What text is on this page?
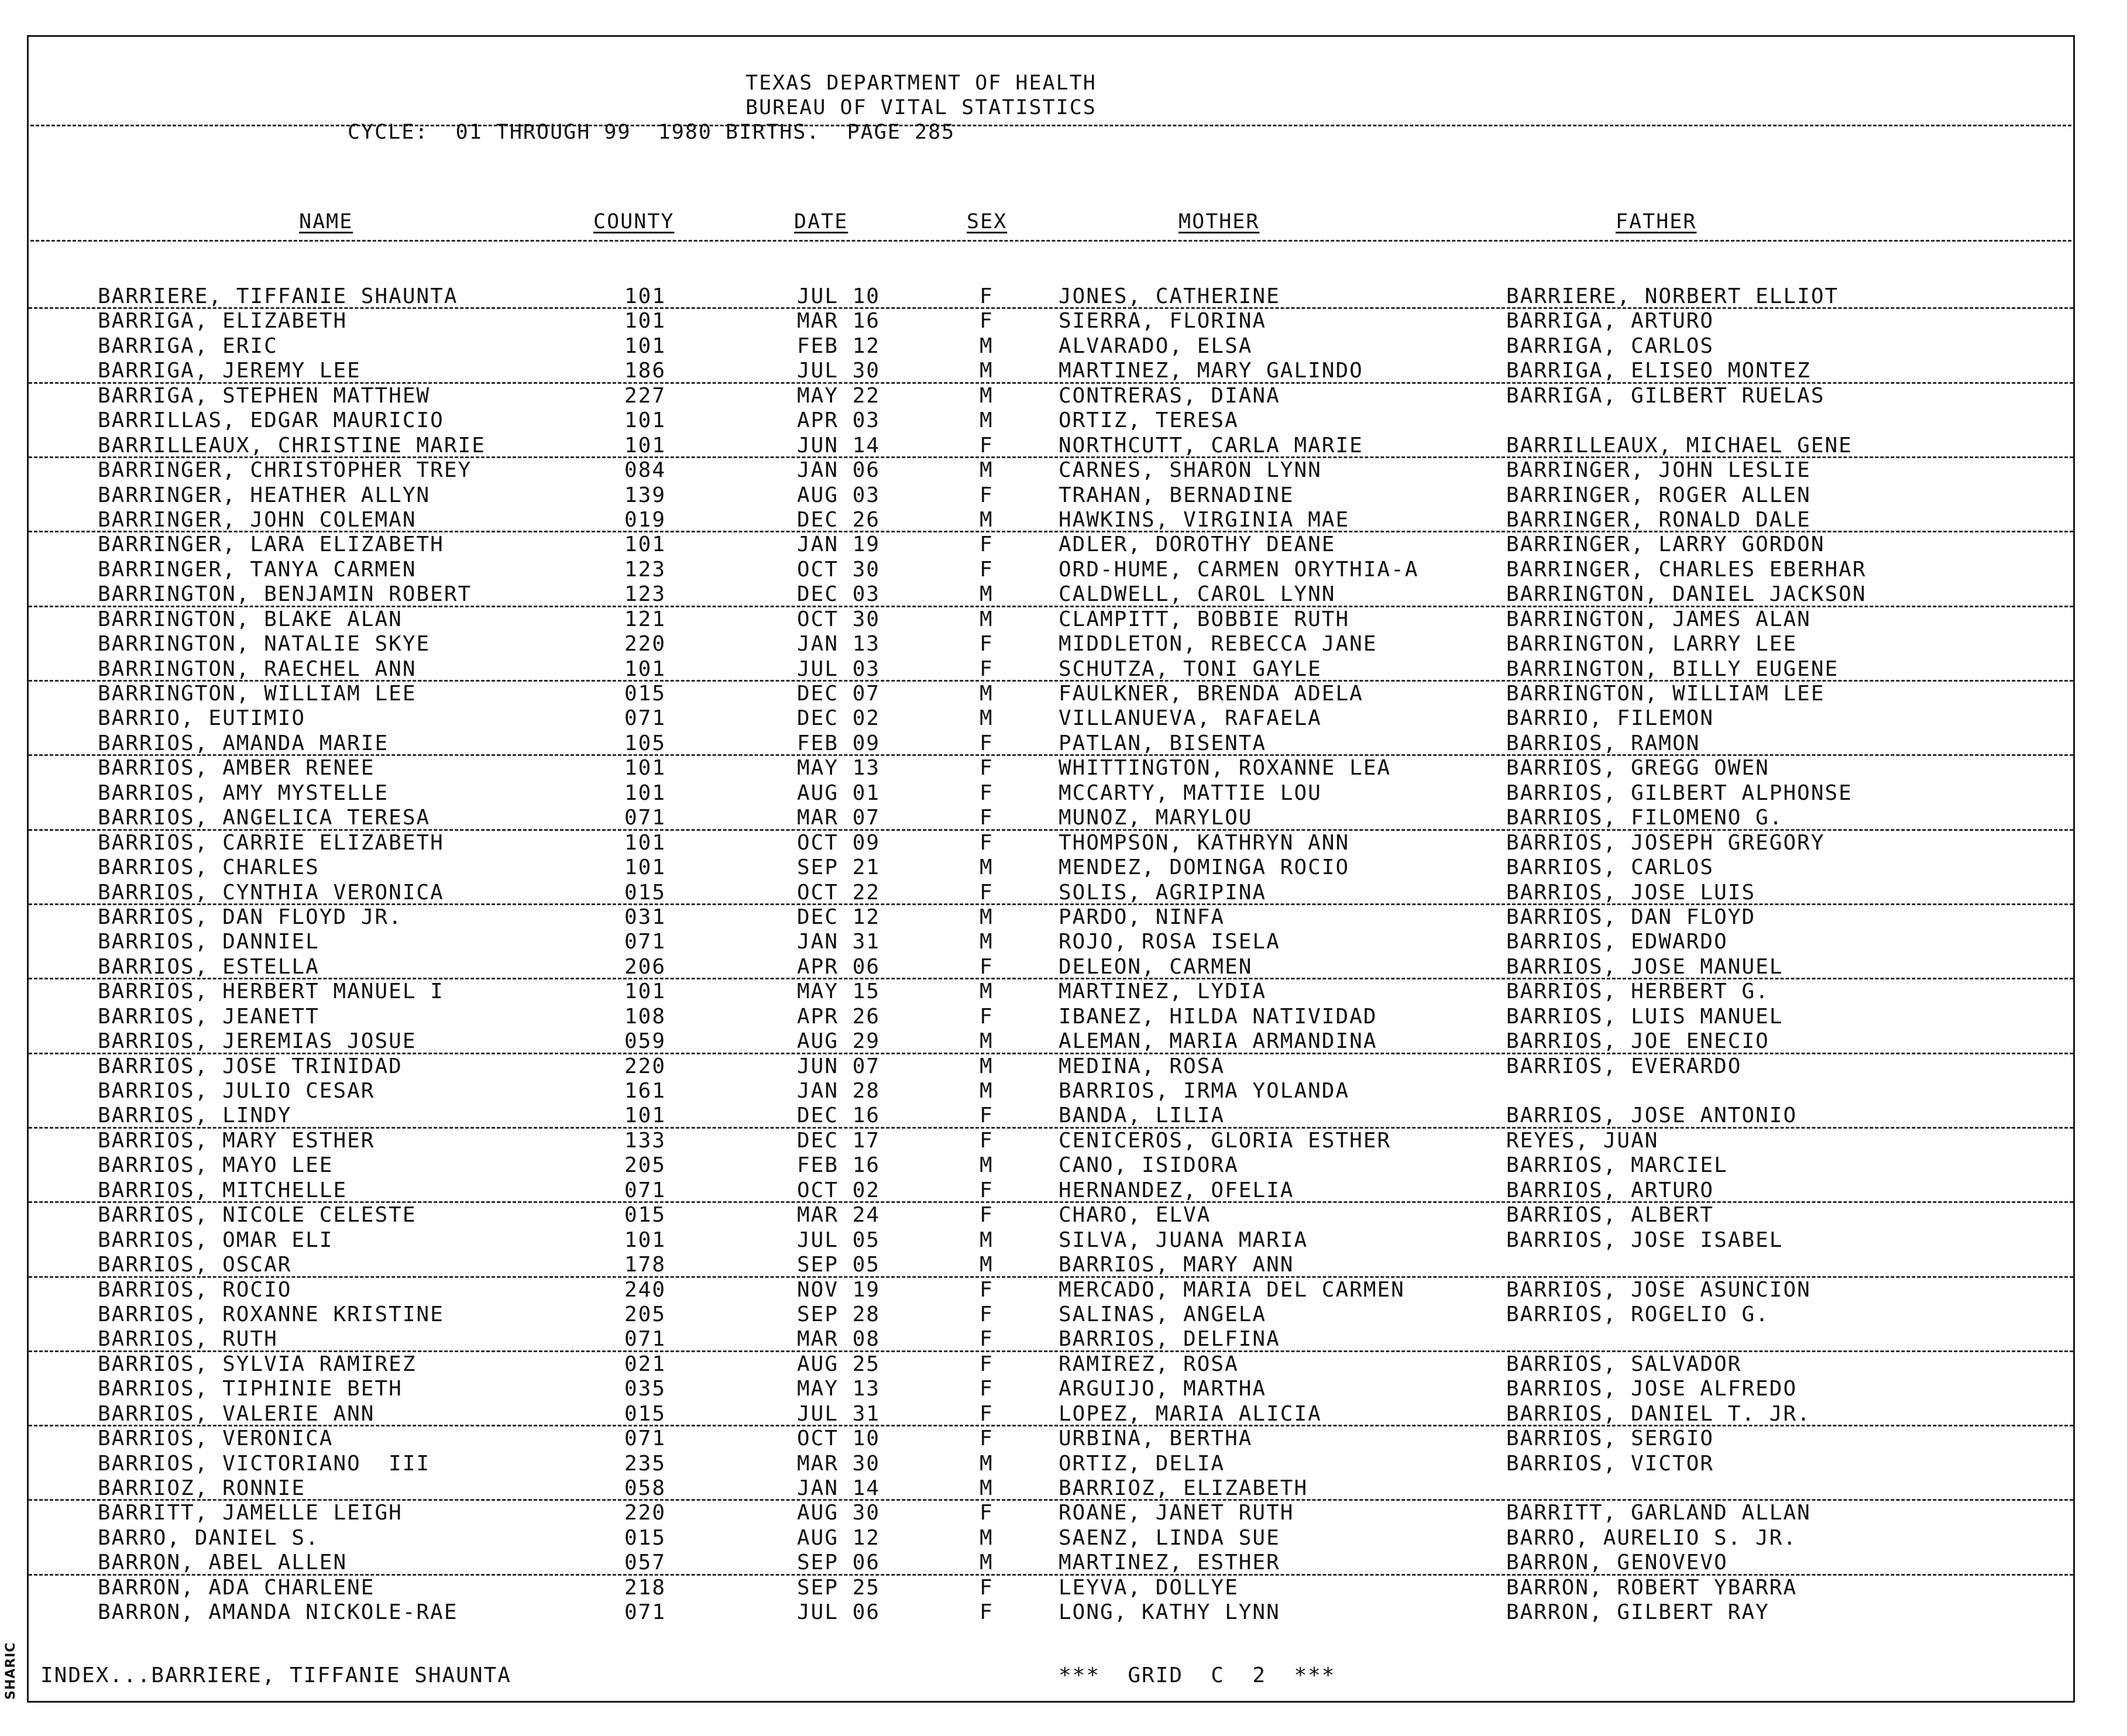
SHARIC
TEXAS DEPARTMENT OF HEALTH
BUREAU OF VITAL STATISTICS
CYCLE:  01 THROUGH 99  1980 BIRTHS.  PAGE 285
NAME	COUNTY	DATE	SEX	MOTHER	FATHER
BARRIERE, TIFFANIE SHAUNTA	101	JUL 10	F	JONES, CATHERINE	BARRIERE, NORBERT ELLIOT
BARRIGA, ELIZABETH	101	MAR 16	F	SIERRA, FLORINA	BARRIGA, ARTURO
BARRIGA, ERIC	101	FEB 12	M	ALVARADO, ELSA	BARRIGA, CARLOS
BARRIGA, JEREMY LEE	186	JUL 30	M	MARTINEZ, MARY GALINDO	BARRIGA, ELISEO MONTEZ
BARRIGA, STEPHEN MATTHEW	227	MAY 22	M	CONTRERAS, DIANA	BARRIGA, GILBERT RUELAS
BARRILLAS, EDGAR MAURICIO	101	APR 03	M	ORTIZ, TERESA
BARRILLEAUX, CHRISTINE MARIE	101	JUN 14	F	NORTHCUTT, CARLA MARIE	BARRILLEAUX, MICHAEL GENE
BARRINGER, CHRISTOPHER TREY	084	JAN 06	M	CARNES, SHARON LYNN	BARRINGER, JOHN LESLIE
BARRINGER, HEATHER ALLYN	139	AUG 03	F	TRAHAN, BERNADINE	BARRINGER, ROGER ALLEN
BARRINGER, JOHN COLEMAN	019	DEC 26	M	HAWKINS, VIRGINIA MAE	BARRINGER, RONALD DALE
BARRINGER, LARA ELIZABETH	101	JAN 19	F	ADLER, DOROTHY DEANE	BARRINGER, LARRY GORDON
BARRINGER, TANYA CARMEN	123	OCT 30	F	ORD-HUME, CARMEN ORYTHIA-A	BARRINGER, CHARLES EBERHAR
BARRINGTON, BENJAMIN ROBERT	123	DEC 03	M	CALDWELL, CAROL LYNN	BARRINGTON, DANIEL JACKSON
BARRINGTON, BLAKE ALAN	121	OCT 30	M	CLAMPITT, BOBBIE RUTH	BARRINGTON, JAMES ALAN
BARRINGTON, NATALIE SKYE	220	JAN 13	F	MIDDLETON, REBECCA JANE	BARRINGTON, LARRY LEE
BARRINGTON, RAECHEL ANN	101	JUL 03	F	SCHUTZA, TONI GAYLE	BARRINGTON, BILLY EUGENE
BARRINGTON, WILLIAM LEE	015	DEC 07	M	FAULKNER, BRENDA ADELA	BARRINGTON, WILLIAM LEE
BARRIO, EUTIMIO	071	DEC 02	M	VILLANUEVA, RAFAELA	BARRIO, FILEMON
BARRIOS, AMANDA MARIE	105	FEB 09	F	PATLAN, BISENTA	BARRIOS, RAMON
BARRIOS, AMBER RENEE	101	MAY 13	F	WHITTINGTON, ROXANNE LEA	BARRIOS, GREGG OWEN
BARRIOS, AMY MYSTELLE	101	AUG 01	F	MCCARTY, MATTIE LOU	BARRIOS, GILBERT ALPHONSE
BARRIOS, ANGELICA TERESA	071	MAR 07	F	MUNOZ, MARYLOU	BARRIOS, FILOMENO G.
BARRIOS, CARRIE ELIZABETH	101	OCT 09	F	THOMPSON, KATHRYN ANN	BARRIOS, JOSEPH GREGORY
BARRIOS, CHARLES	101	SEP 21	M	MENDEZ, DOMINGA ROCIO	BARRIOS, CARLOS
BARRIOS, CYNTHIA VERONICA	015	OCT 22	F	SOLIS, AGRIPINA	BARRIOS, JOSE LUIS
BARRIOS, DAN FLOYD JR.	031	DEC 12	M	PARDO, NINFA	BARRIOS, DAN FLOYD
BARRIOS, DANNIEL	071	JAN 31	M	ROJO, ROSA ISELA	BARRIOS, EDWARDO
BARRIOS, ESTELLA	206	APR 06	F	DELEON, CARMEN	BARRIOS, JOSE MANUEL
BARRIOS, HERBERT MANUEL I	101	MAY 15	M	MARTINEZ, LYDIA	BARRIOS, HERBERT G.
BARRIOS, JEANETT	108	APR 26	F	IBANEZ, HILDA NATIVIDAD	BARRIOS, LUIS MANUEL
BARRIOS, JEREMIAS JOSUE	059	AUG 29	M	ALEMAN, MARIA ARMANDINA	BARRIOS, JOE ENECIO
BARRIOS, JOSE TRINIDAD	220	JUN 07	M	MEDINA, ROSA	BARRIOS, EVERARDO
BARRIOS, JULIO CESAR	161	JAN 28	M	BARRIOS, IRMA YOLANDA
BARRIOS, LINDY	101	DEC 16	F	BANDA, LILIA	BARRIOS, JOSE ANTONIO
BARRIOS, MARY ESTHER	133	DEC 17	F	CENICEROS, GLORIA ESTHER	REYES, JUAN
BARRIOS, MAYO LEE	205	FEB 16	M	CANO, ISIDORA	BARRIOS, MARCIEL
BARRIOS, MITCHELLE	071	OCT 02	F	HERNANDEZ, OFELIA	BARRIOS, ARTURO
BARRIOS, NICOLE CELESTE	015	MAR 24	F	CHARO, ELVA	BARRIOS, ALBERT
BARRIOS, OMAR ELI	101	JUL 05	M	SILVA, JUANA MARIA	BARRIOS, JOSE ISABEL
BARRIOS, OSCAR	178	SEP 05	M	BARRIOS, MARY ANN
BARRIOS, ROCIO	240	NOV 19	F	MERCADO, MARIA DEL CARMEN	BARRIOS, JOSE ASUNCION
BARRIOS, ROXANNE KRISTINE	205	SEP 28	F	SALINAS, ANGELA	BARRIOS, ROGELIO G.
BARRIOS, RUTH	071	MAR 08	F	BARRIOS, DELFINA
BARRIOS, SYLVIA RAMIREZ	021	AUG 25	F	RAMIREZ, ROSA	BARRIOS, SALVADOR
BARRIOS, TIPHINIE BETH	035	MAY 13	F	ARGUIJO, MARTHA	BARRIOS, JOSE ALFREDO
BARRIOS, VALERIE ANN	015	JUL 31	F	LOPEZ, MARIA ALICIA	BARRIOS, DANIEL T. JR.
BARRIOS, VERONICA	071	OCT 10	F	URBINA, BERTHA	BARRIOS, SERGIO
BARRIOS, VICTORIANO  III	235	MAR 30	M	ORTIZ, DELIA	BARRIOS, VICTOR
BARRIOZ, RONNIE	058	JAN 14	M	BARRIOZ, ELIZABETH
BARRITT, JAMELLE LEIGH	220	AUG 30	F	ROANE, JANET RUTH	BARRITT, GARLAND ALLAN
BARRO, DANIEL S.	015	AUG 12	M	SAENZ, LINDA SUE	BARRO, AURELIO S. JR.
BARRON, ABEL ALLEN	057	SEP 06	M	MARTINEZ, ESTHER	BARRON, GENOVEVO
BARRON, ADA CHARLENE	218	SEP 25	F	LEYVA, DOLLYE	BARRON, ROBERT YBARRA
BARRON, AMANDA NICKOLE-RAE	071	JUL 06	F	LONG, KATHY LYNN	BARRON, GILBERT RAY
INDEX...BARRIERE, TIFFANIE SHAUNTA	***  GRID  C  2  ***
